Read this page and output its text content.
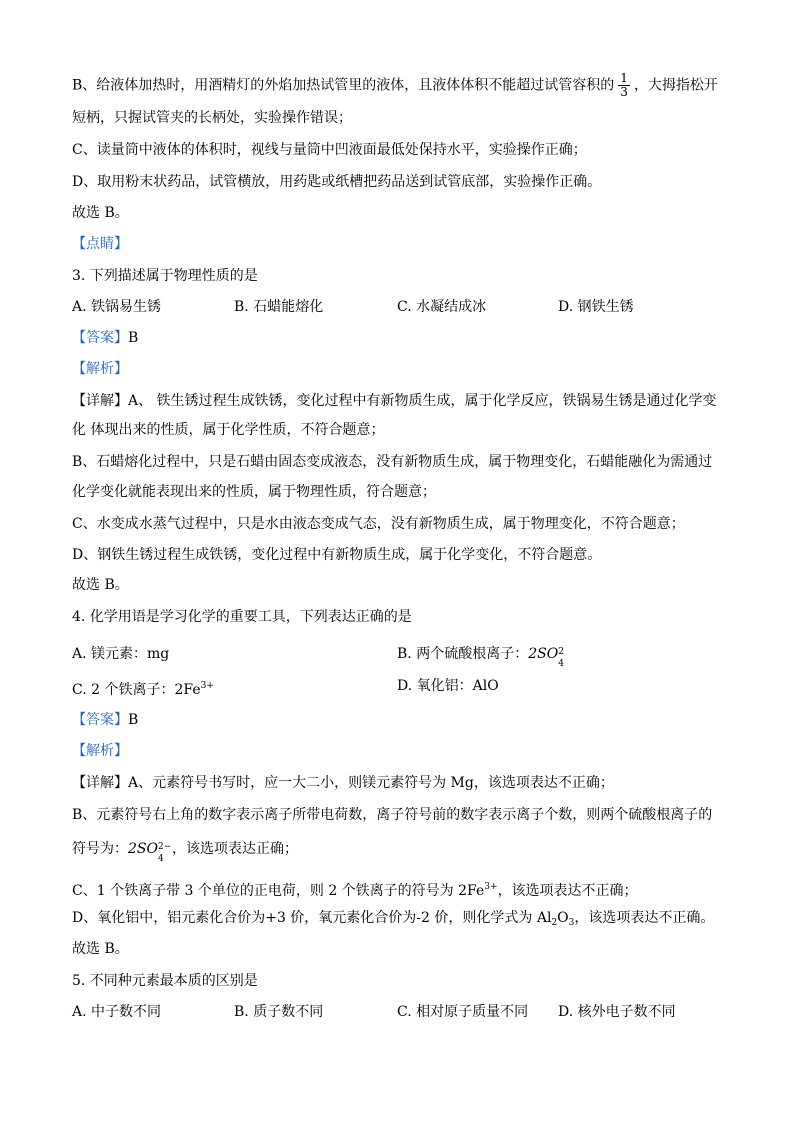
B、给液体加热时，用酒精灯的外焰加热试管里的液体，且液体体积不能超过试管容积的 $\frac{1}{3}$ ，大拇指松开
短柄，只握试管夹的长柄处，实验操作错误；
C、读量筒中液体的体积时，视线与量筒中凹液面最低处保持水平，实验操作正确；
D、取用粉末状药品，试管横放，用药匙或纸槽把药品送到试管底部，实验操作正确。
故选 B。
【点睛】
3. 下列描述属于物理性质的是
A. 铁锅易生锈	B. 石蜡能熔化	C. 水凝结成冰	D. 钢铁生锈
【答案】B
【解析】
【详解】A、 铁生锈过程生成铁锈，变化过程中有新物质生成，属于化学反应，铁锅易生锈是通过化学变
化 体现出来的性质，属于化学性质，不符合题意；
B、石蜡熔化过程中，只是石蜡由固态变成液态，没有新物质生成，属于物理变化，石蜡能融化为需通过
化学变化就能表现出来的性质，属于物理性质，符合题意；
C、水变成水蒸气过程中，只是水由液态变成气态，没有新物质生成，属于物理变化，不符合题意；
D、钢铁生锈过程生成铁锈，变化过程中有新物质生成，属于化学变化，不符合题意。
故选 B。
4. 化学用语是学习化学的重要工具，下列表达正确的是
A. 镁元素：mg	B. 两个硫酸根离子：2SO 2
4
C. 2 个铁离子：$2Fe^{3+}$	D. 氧化铝：AlO
【答案】B
【解析】
【详解】A、元素符号书写时，应一大二小，则镁元素符号为 Mg，该选项表达不正确；
B、元素符号右上角的数字表示离子所带电荷数，离子符号前的数字表示离子个数，则两个硫酸根离子的
符号为：2SO 2−
4
，该选项表达正确；
C、1 个铁离子带 3 个单位的正电荷，则 2 个铁离子的符号为 $2Fe^{3+}$，该选项表达不正确；
D、氧化铝中，铝元素化合价为+3 价，氧元素化合价为-2 价，则化学式为 $Al_2O_3$，该选项表达不正确。
故选 B。
5. 不同种元素最本质的区别是
A. 中子数不同	B. 质子数不同	C. 相对原子质量不同 D. 核外电子数不同
